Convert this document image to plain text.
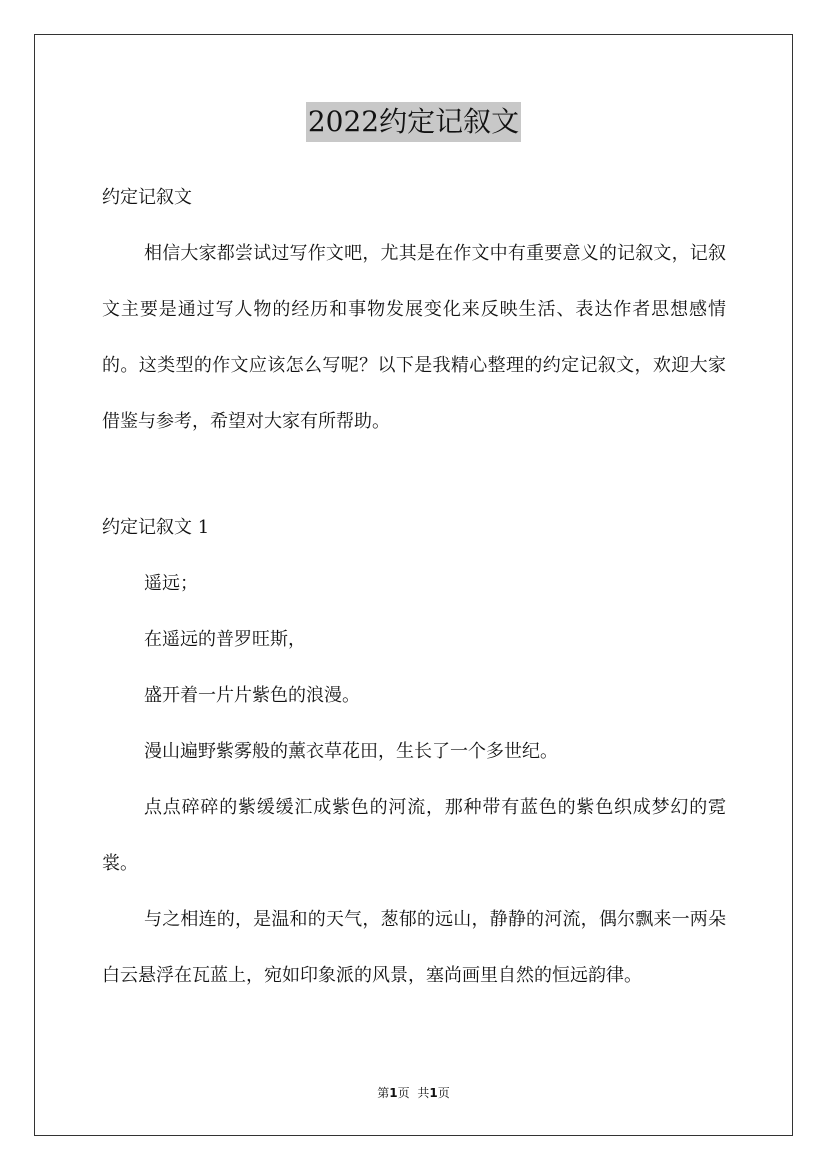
2022约定记叙文

约定记叙文

相信大家都尝试过写作文吧，尤其是在作文中有重要意义的记叙文，记叙文主要是通过写人物的经历和事物发展变化来反映生活、表达作者思想感情的。这类型的作文应该怎么写呢？以下是我精心整理的约定记叙文，欢迎大家借鉴与参考，希望对大家有所帮助。

约定记叙文 1

遥远；

在遥远的普罗旺斯，

盛开着一片片紫色的浪漫。

漫山遍野紫雾般的薰衣草花田，生长了一个多世纪。

点点碎碎的紫缓缓汇成紫色的河流，那种带有蓝色的紫色织成梦幻的霓裳。

与之相连的，是温和的天气，葱郁的远山，静静的河流，偶尔飘来一两朵白云悬浮在瓦蓝上，宛如印象派的风景，塞尚画里自然的恒远韵律。

第1页 共1页
